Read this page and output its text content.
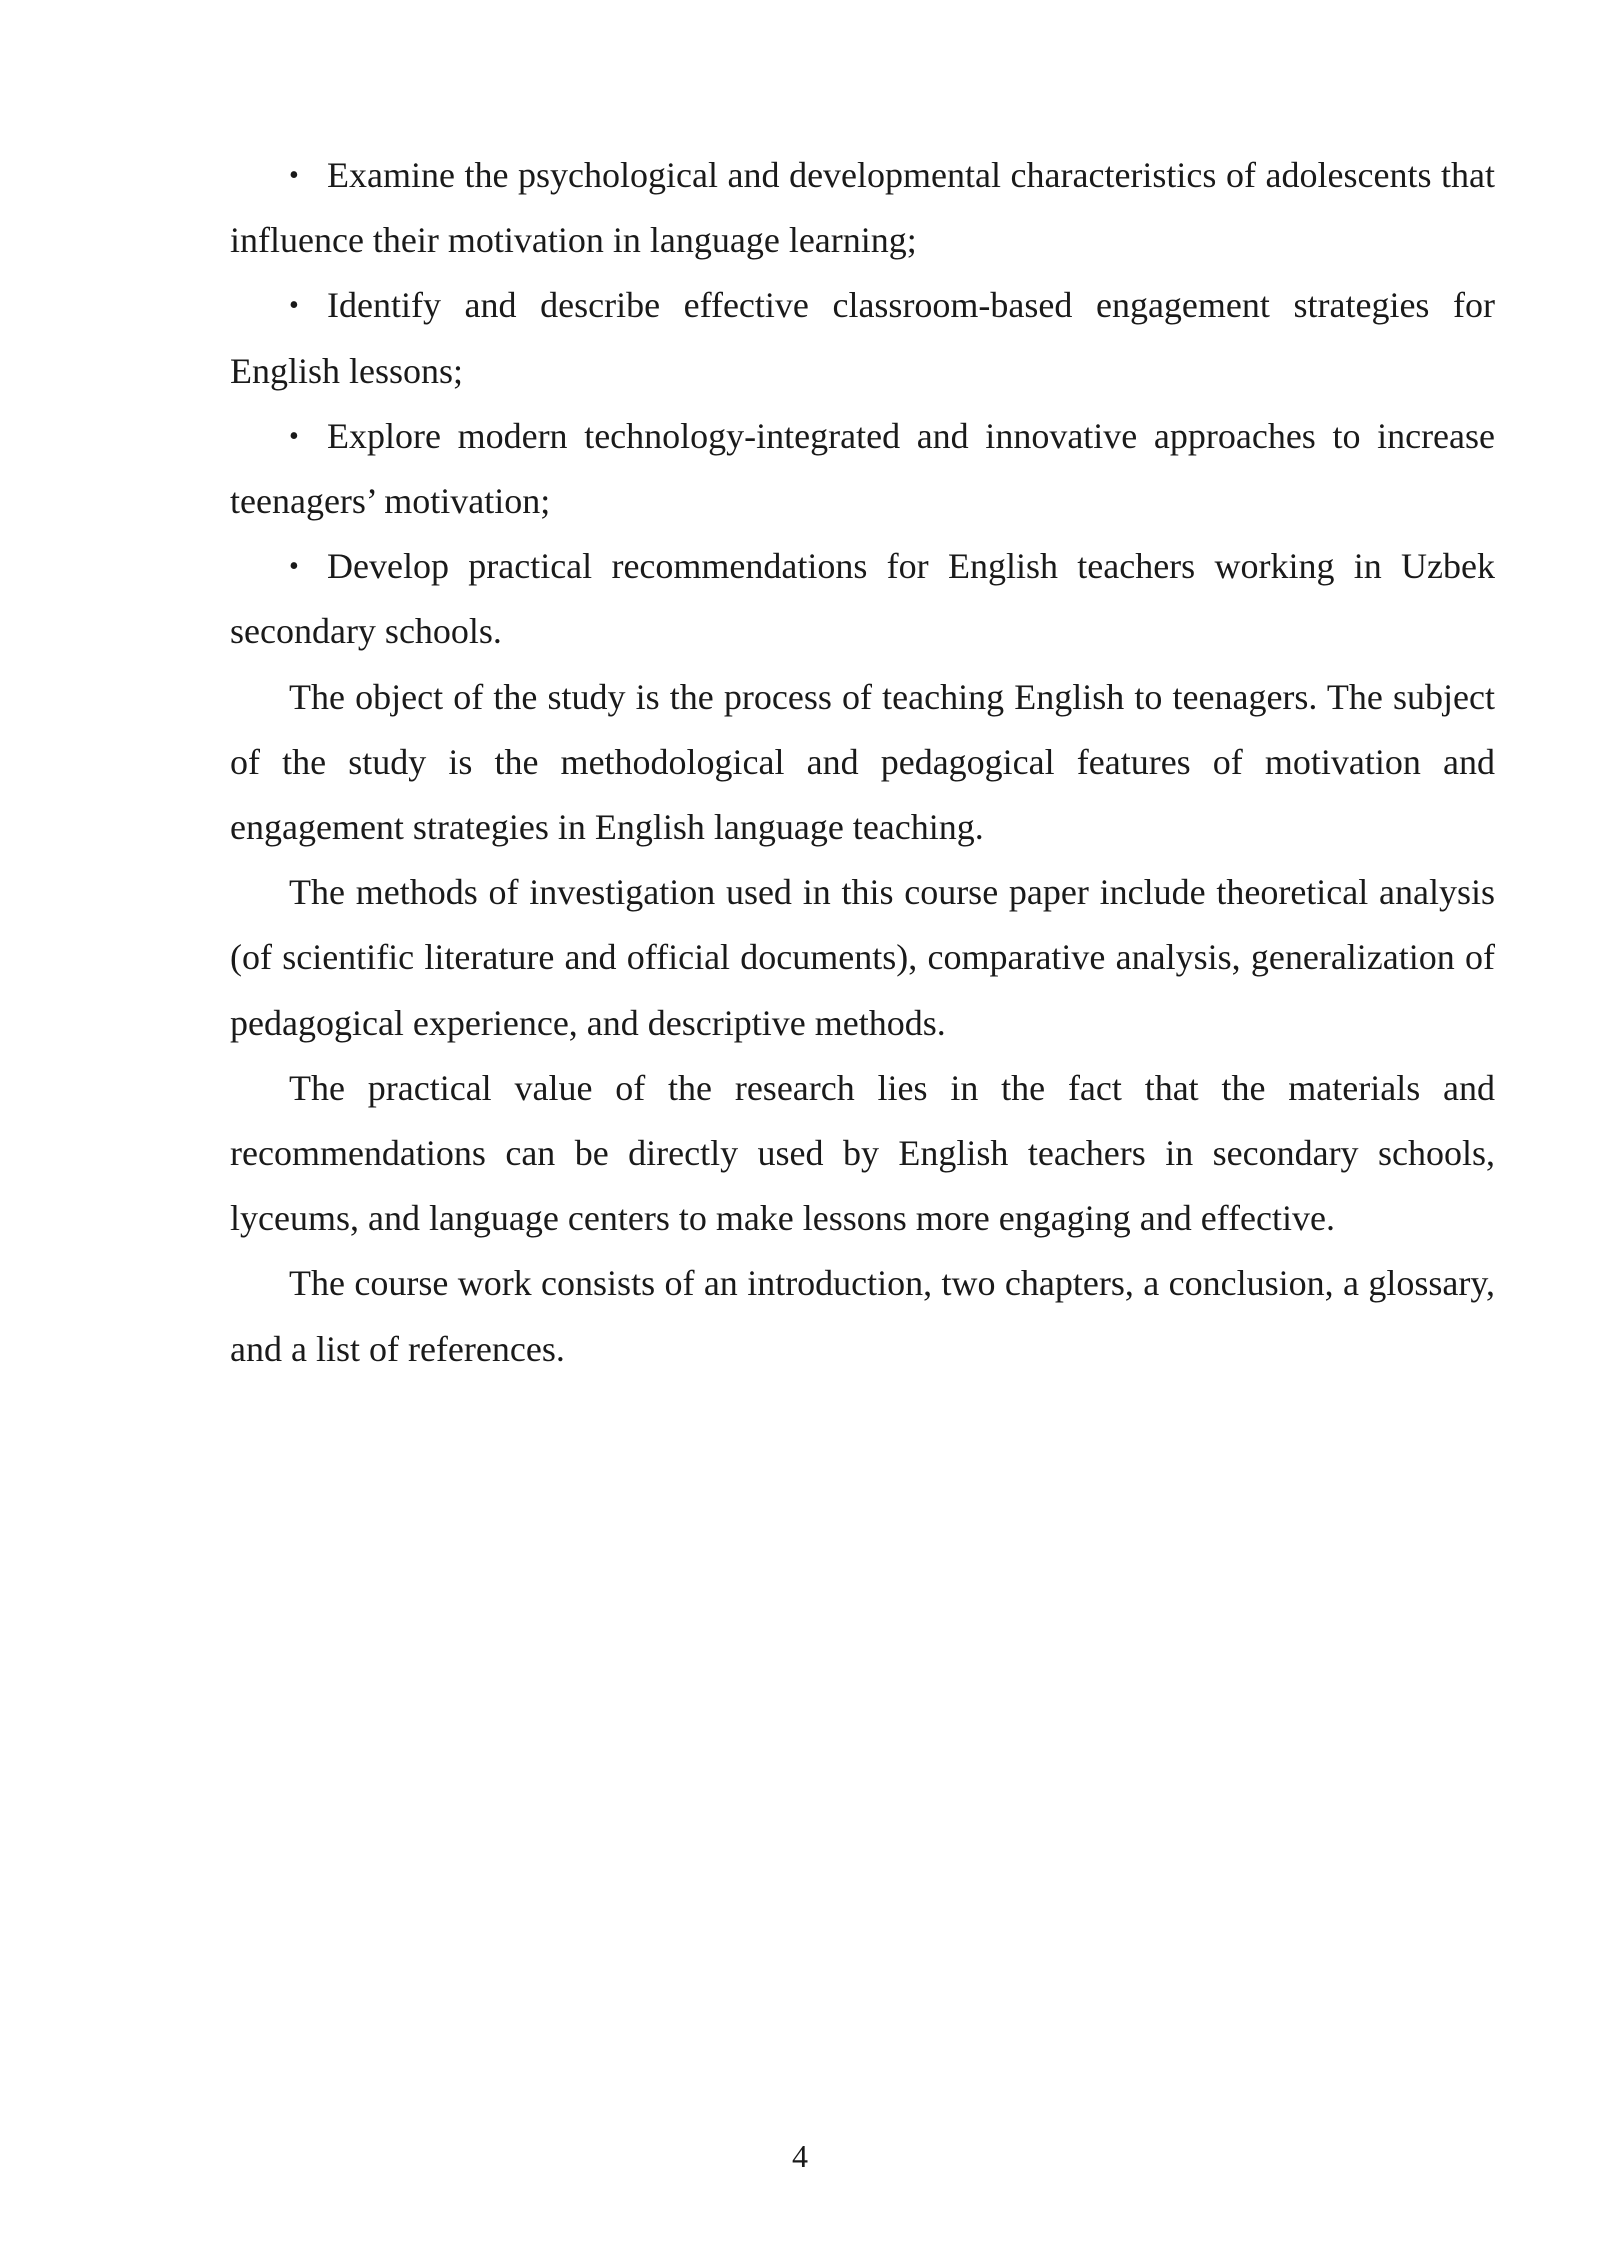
• Examine the psychological and developmental characteristics of adolescents that influence their motivation in language learning;

• Identify and describe effective classroom-based engagement strategies for English lessons;

• Explore modern technology-integrated and innovative approaches to increase teenagers’ motivation;

• Develop practical recommendations for English teachers working in Uzbek secondary schools.

The object of the study is the process of teaching English to teenagers. The subject of the study is the methodological and pedagogical features of motivation and engagement strategies in English language teaching.

The methods of investigation used in this course paper include theoretical analysis (of scientific literature and official documents), comparative analysis, generalization of pedagogical experience, and descriptive methods.

The practical value of the research lies in the fact that the materials and recommendations can be directly used by English teachers in secondary schools, lyceums, and language centers to make lessons more engaging and effective.

The course work consists of an introduction, two chapters, a conclusion, a glossary, and a list of references.

4
